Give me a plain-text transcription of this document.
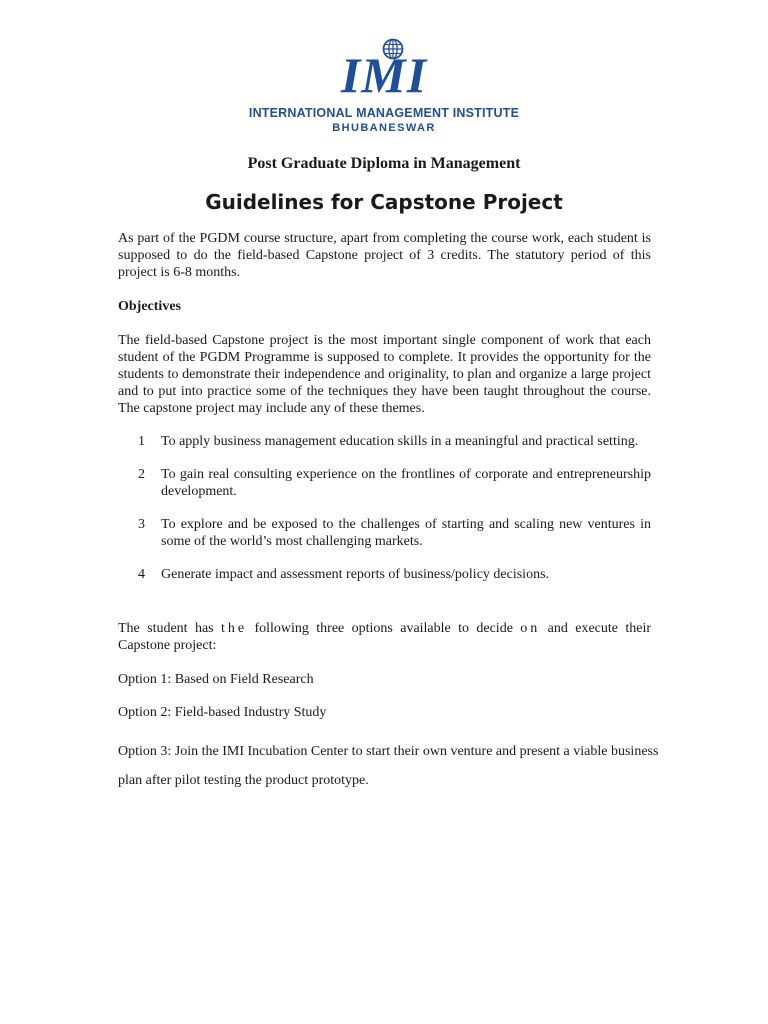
IMI
INTERNATIONAL MANAGEMENT INSTITUTE
BHUBANESWAR
Post Graduate Diploma in Management
Guidelines for Capstone Project

As part of the PGDM course structure, apart from completing the course work, each student is supposed to do the field-based Capstone project of 3 credits. The statutory period of this project is 6-8 months.

Objectives

The field-based Capstone project is the most important single component of work that each student of the PGDM Programme is supposed to complete. It provides the opportunity for the students to demonstrate their independence and originality, to plan and organize a large project and to put into practice some of the techniques they have been taught throughout the course. The capstone project may include any of these themes.

1	To apply business management education skills in a meaningful and practical setting.
2	To gain real consulting experience on the frontlines of corporate and entrepreneurship development.
3	To explore and be exposed to the challenges of starting and scaling new ventures in some of the world’s most challenging markets.
4	Generate impact and assessment reports of business/policy decisions.

The student has the following three options available to decide on and execute their Capstone project:

Option 1: Based on Field Research

Option 2: Field-based Industry Study

Option 3: Join the IMI Incubation Center to start their own venture and present a viable business plan after pilot testing the product prototype.
